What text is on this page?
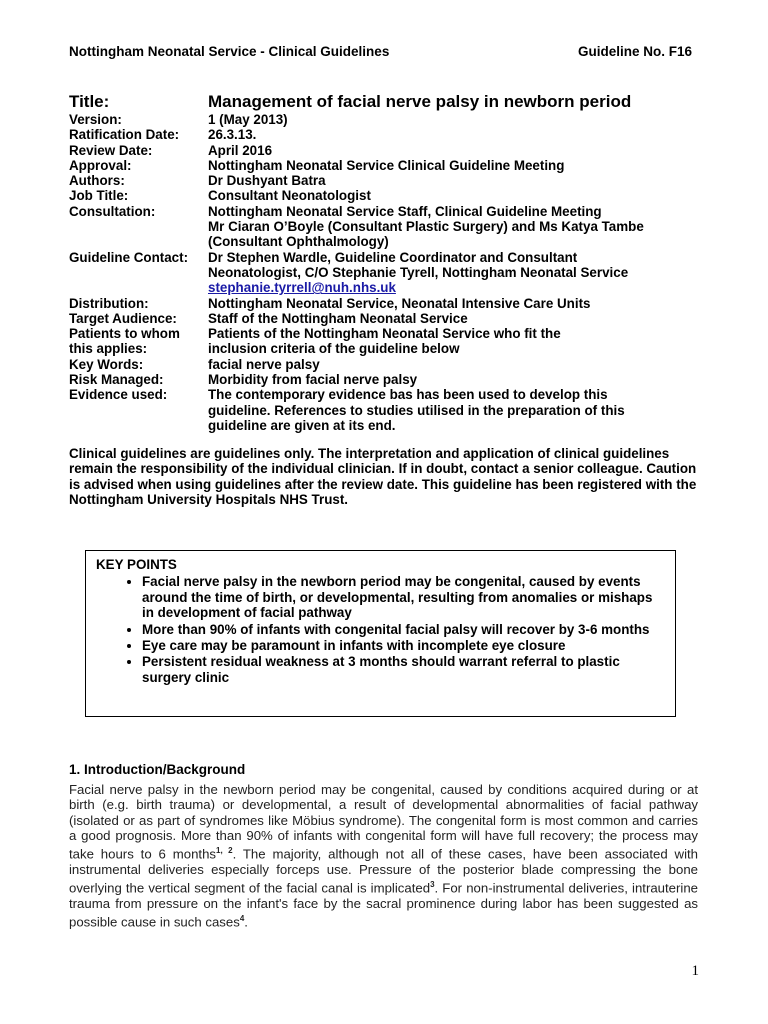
Nottingham Neonatal Service - Clinical Guidelines	Guideline No. F16
Title:	Management of facial nerve palsy in newborn period
Version:	1 (May 2013)
Ratification Date:	26.3.13.
Review Date:	April 2016
Approval:	Nottingham Neonatal Service Clinical Guideline Meeting
Authors:	Dr Dushyant Batra
Job Title:	Consultant Neonatologist
Consultation:	Nottingham Neonatal Service Staff, Clinical Guideline Meeting
Mr Ciaran O’Boyle (Consultant Plastic Surgery) and Ms Katya Tambe
(Consultant Ophthalmology)
Guideline Contact:	Dr Stephen Wardle, Guideline Coordinator and Consultant
Neonatologist, C/O Stephanie Tyrell, Nottingham Neonatal Service
stephanie.tyrrell@nuh.nhs.uk
Distribution:	Nottingham Neonatal Service, Neonatal Intensive Care Units
Target Audience:	Staff of the Nottingham Neonatal Service
Patients to whom	Patients of the Nottingham Neonatal Service who fit the
this applies:	inclusion criteria of the guideline below
Key Words:	facial nerve palsy
Risk Managed:	Morbidity from facial nerve palsy
Evidence used:	The contemporary evidence bas has been used to develop this
guideline. References to studies utilised in the preparation of this
guideline are given at its end.
Clinical guidelines are guidelines only. The interpretation and application of clinical guidelines remain the responsibility of the individual clinician. If in doubt, contact a senior colleague. Caution is advised when using guidelines after the review date. This guideline has been registered with the Nottingham University Hospitals NHS Trust.
KEY POINTS
• Facial nerve palsy in the newborn period may be congenital, caused by events around the time of birth, or developmental, resulting from anomalies or mishaps in development of facial pathway
• More than 90% of infants with congenital facial palsy will recover by 3-6 months
• Eye care may be paramount in infants with incomplete eye closure
• Persistent residual weakness at 3 months should warrant referral to plastic surgery clinic
1. Introduction/Background
Facial nerve palsy in the newborn period may be congenital, caused by conditions acquired during or at birth (e.g. birth trauma) or developmental, a result of developmental abnormalities of facial pathway (isolated or as part of syndromes like Möbius syndrome). The congenital form is most common and carries a good prognosis. More than 90% of infants with congenital form will have full recovery; the process may take hours to 6 months$^{1, 2}$. The majority, although not all of these cases, have been associated with instrumental deliveries especially forceps use. Pressure of the posterior blade compressing the bone overlying the vertical segment of the facial canal is implicated$^3$. For non-instrumental deliveries, intrauterine trauma from pressure on the infant's face by the sacral prominence during labor has been suggested as possible cause in such cases$^4$.
1
